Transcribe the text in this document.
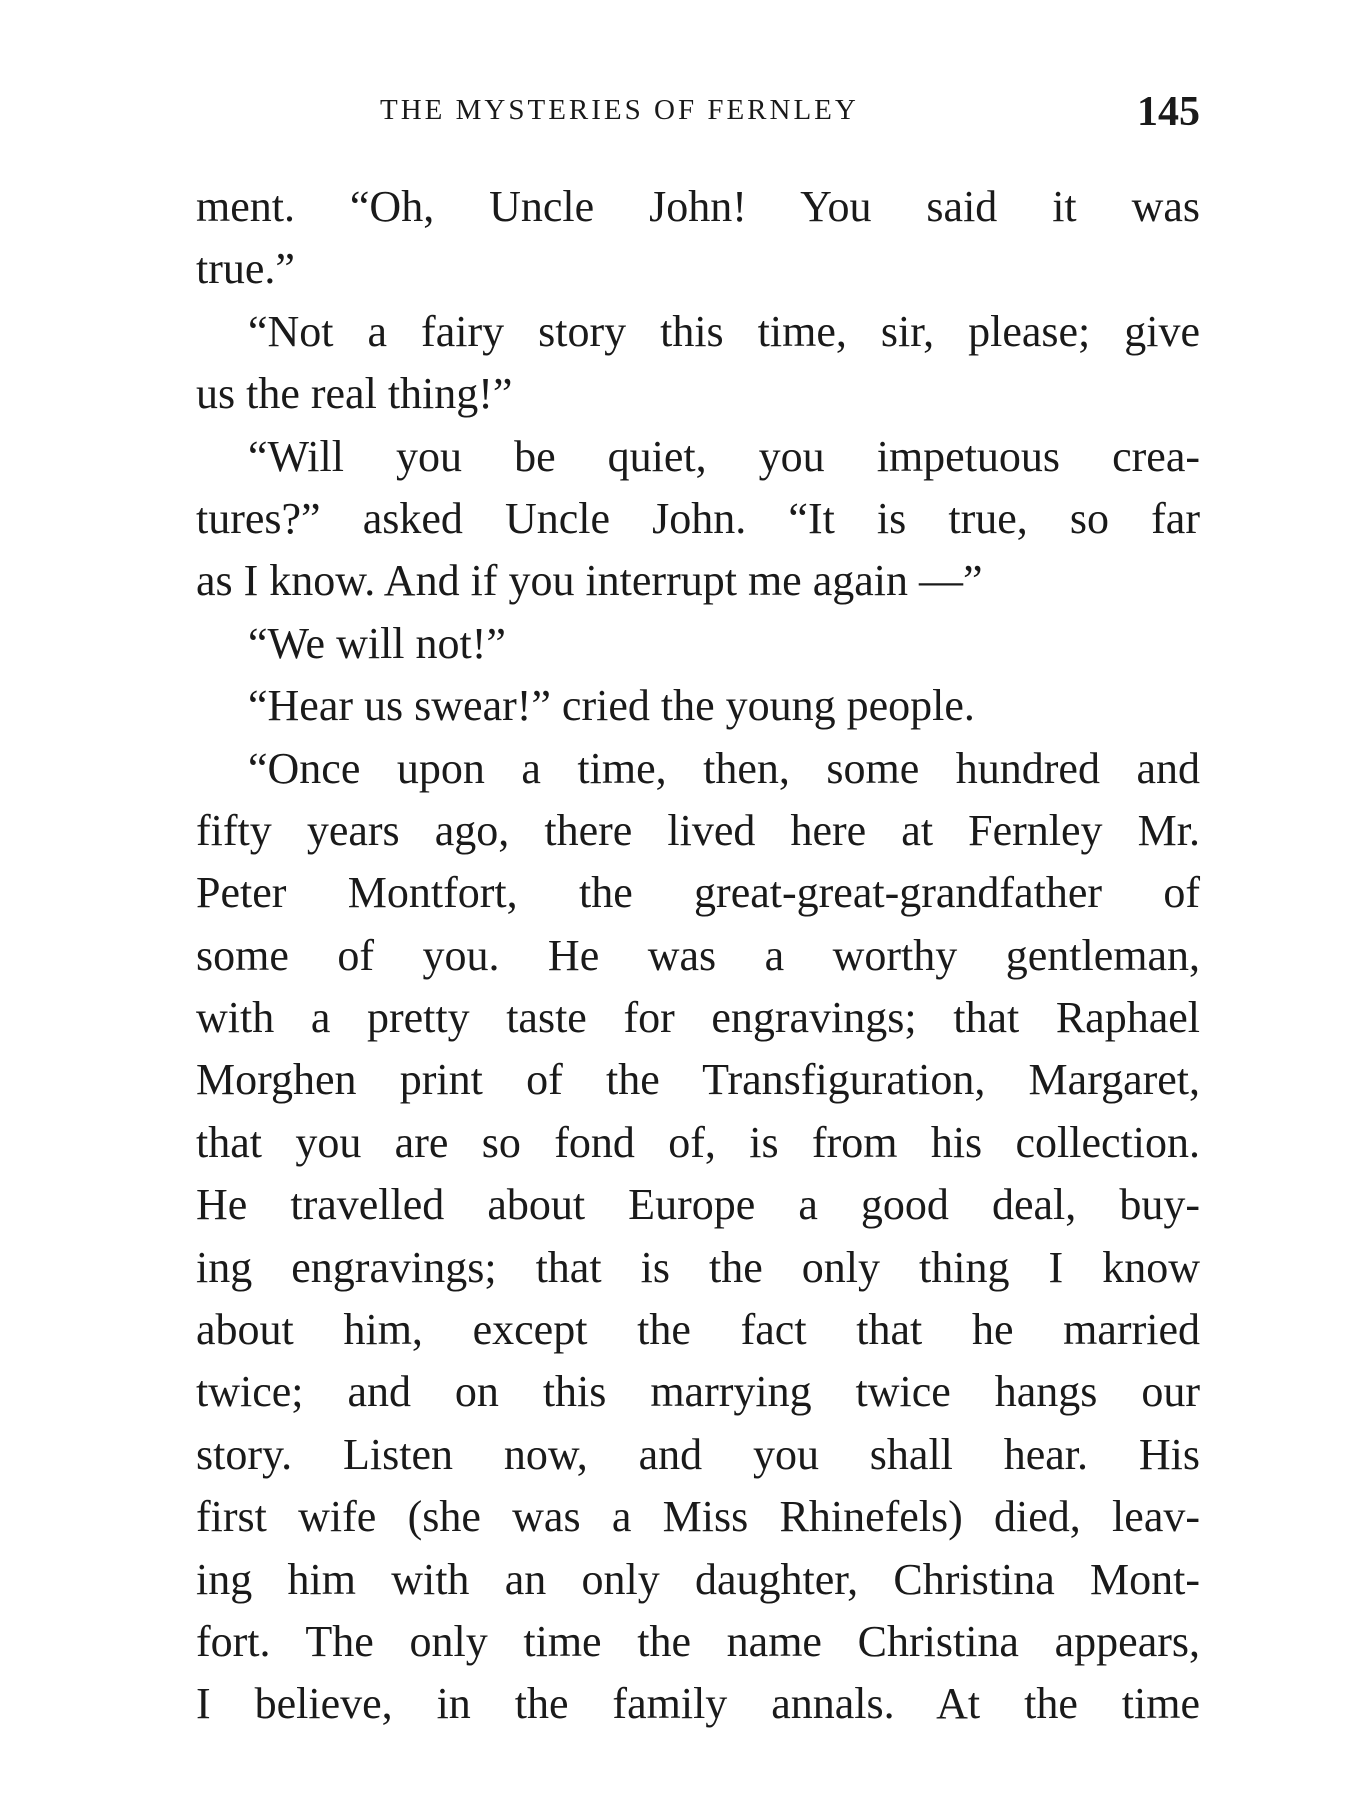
THE MYSTERIES OF FERNLEY	145
ment. “Oh, Uncle John! You said it was
true.”
“Not a fairy story this time, sir, please; give
us the real thing!”
“Will you be quiet, you impetuous crea-
tures?” asked Uncle John. “It is true, so far
as I know. And if you interrupt me again —”
“We will not!”
“Hear us swear!” cried the young people.
“Once upon a time, then, some hundred and
fifty years ago, there lived here at Fernley Mr.
Peter Montfort, the great-great-grandfather of
some of you. He was a worthy gentleman,
with a pretty taste for engravings; that Raphael
Morghen print of the Transfiguration, Margaret,
that you are so fond of, is from his collection.
He travelled about Europe a good deal, buy-
ing engravings; that is the only thing I know
about him, except the fact that he married
twice; and on this marrying twice hangs our
story. Listen now, and you shall hear. His
first wife (she was a Miss Rhinefels) died, leav-
ing him with an only daughter, Christina Mont-
fort. The only time the name Christina appears,
I believe, in the family annals. At the time
